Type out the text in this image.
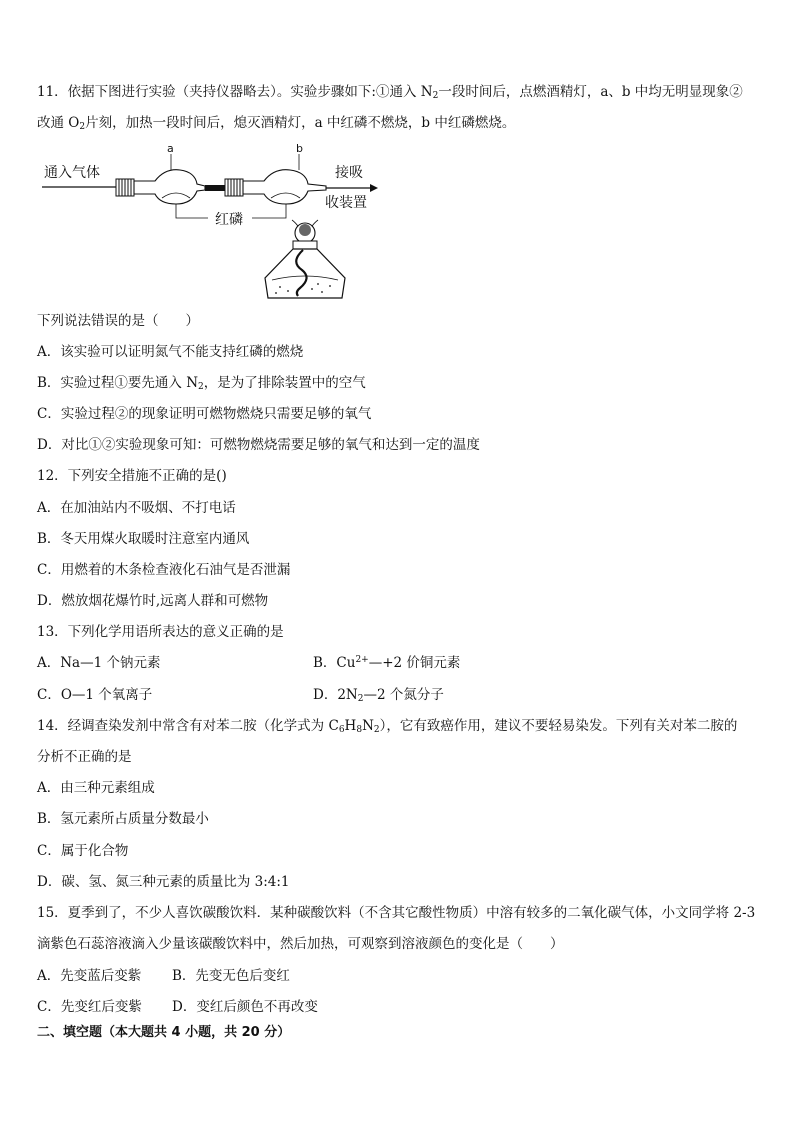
11．依据下图进行实验（夹持仪器略去）。实验步骤如下:①通入 $N_2$一段时间后，点燃酒精灯，a、b 中均无明显现象②
改通 $O_2$片刻，加热一段时间后，熄灭酒精灯，a 中红磷不燃烧，b 中红磷燃烧。
通入气体
a	b
接吸
收装置
红磷
下列说法错误的是（　　）
A．该实验可以证明氮气不能支持红磷的燃烧
B．实验过程①要先通入 $N_2$，是为了排除装置中的空气
C．实验过程②的现象证明可燃物燃烧只需要足够的氧气
D．对比①②实验现象可知：可燃物燃烧需要足够的氧气和达到一定的温度
12．下列安全措施不正确的是()
A．在加油站内不吸烟、不打电话
B．冬天用煤火取暖时注意室内通风
C．用燃着的木条检查液化石油气是否泄漏
D．燃放烟花爆竹时,远离人群和可燃物
13．下列化学用语所表达的意义正确的是
A．Na—1 个钠元素	B．$Cu^{2+}—+2$ 价铜元素
C．O—1 个氧离子	D．$2N_2—2$ 个氮分子
14．经调查染发剂中常含有对苯二胺（化学式为 $C_6H_8N_2$），它有致癌作用，建议不要轻易染发。下列有关对苯二胺的
分析不正确的是
A．由三种元素组成
B．氢元素所占质量分数最小
C．属于化合物
D．碳、氢、氮三种元素的质量比为 3:4:1
15．夏季到了，不少人喜饮碳酸饮料．某种碳酸饮料（不含其它酸性物质）中溶有较多的二氧化碳气体，小文同学将 2-3
滴紫色石蕊溶液滴入少量该碳酸饮料中，然后加热，可观察到溶液颜色的变化是（　　）
A．先变蓝后变紫 B．先变无色后变红
C．先变红后变紫 D．变红后颜色不再改变
二、填空题（本大题共 4 小题，共 20 分）
